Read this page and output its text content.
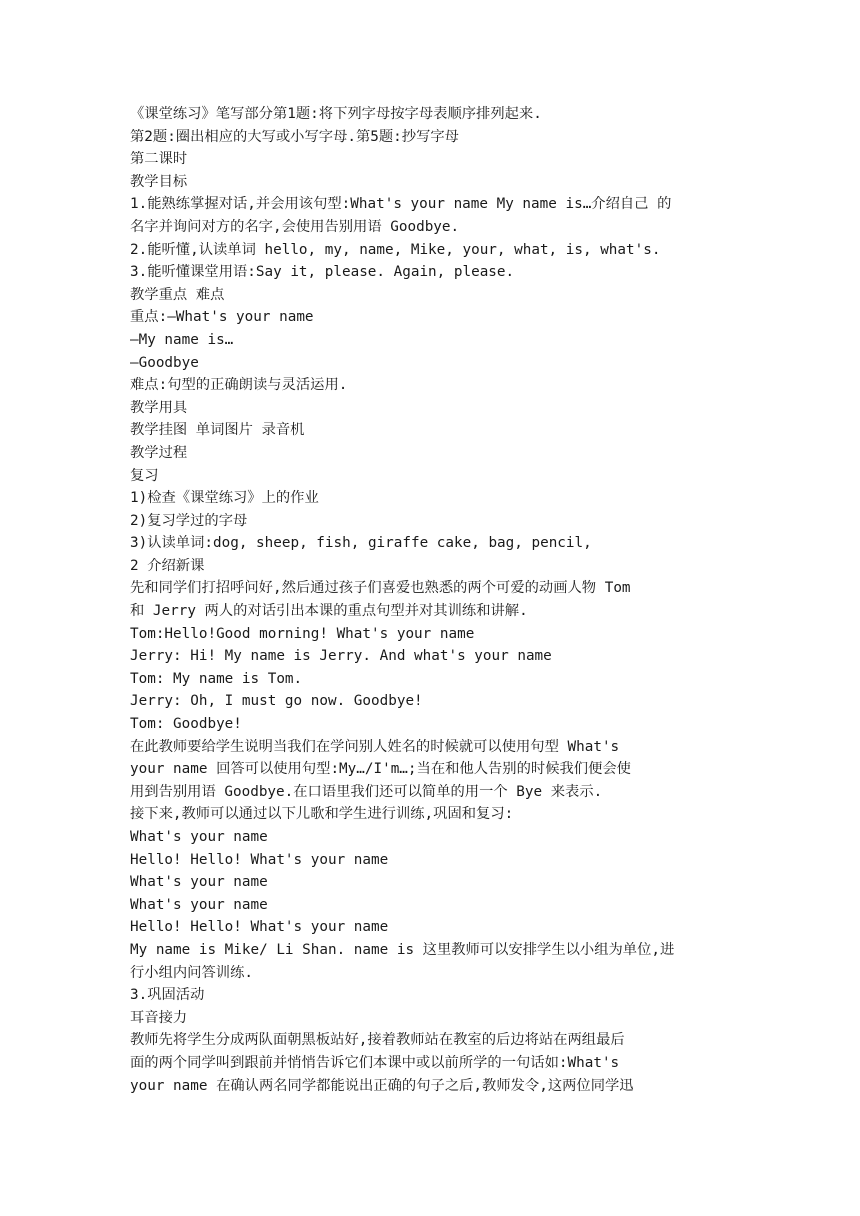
《课堂练习》笔写部分第1题:将下列字母按字母表顺序排列起来.

第2题:圈出相应的大写或小写字母.第5题:抄写字母

第二课时

教学目标

1.能熟练掌握对话,并会用该句型:What's your name My name is…介绍自己 的

名字并询问对方的名字,会使用告别用语 Goodbye.

2.能听懂,认读单词 hello, my, name, Mike, your, what, is, what's.

3.能听懂课堂用语:Say it, please. Again, please.

教学重点 难点

重点:—What's your name

—My name is…

—Goodbye

难点:句型的正确朗读与灵活运用.

教学用具

教学挂图 单词图片 录音机

教学过程

复习

1)检查《课堂练习》上的作业

2)复习学过的字母

3)认读单词:dog, sheep, fish, giraffe cake, bag, pencil,

2 介绍新课

先和同学们打招呼问好,然后通过孩子们喜爱也熟悉的两个可爱的动画人物 Tom

和 Jerry 两人的对话引出本课的重点句型并对其训练和讲解.

Tom:Hello!Good morning! What's your name

Jerry: Hi! My name is Jerry. And what's your name

Tom: My name is Tom.

Jerry: Oh, I must go now. Goodbye!

Tom: Goodbye!

在此教师要给学生说明当我们在学问别人姓名的时候就可以使用句型 What's

your name 回答可以使用句型:My…/I'm…;当在和他人告别的时候我们便会使

用到告别用语 Goodbye.在口语里我们还可以简单的用一个 Bye 来表示.

接下来,教师可以通过以下儿歌和学生进行训练,巩固和复习:

What's your name

Hello! Hello! What's your name

What's your name

What's your name

Hello! Hello! What's your name

My name is Mike/ Li Shan. name is 这里教师可以安排学生以小组为单位,进

行小组内问答训练.

3.巩固活动

耳音接力

教师先将学生分成两队面朝黑板站好,接着教师站在教室的后边将站在两组最后

面的两个同学叫到跟前并悄悄告诉它们本课中或以前所学的一句话如:What's

your name 在确认两名同学都能说出正确的句子之后,教师发令,这两位同学迅
